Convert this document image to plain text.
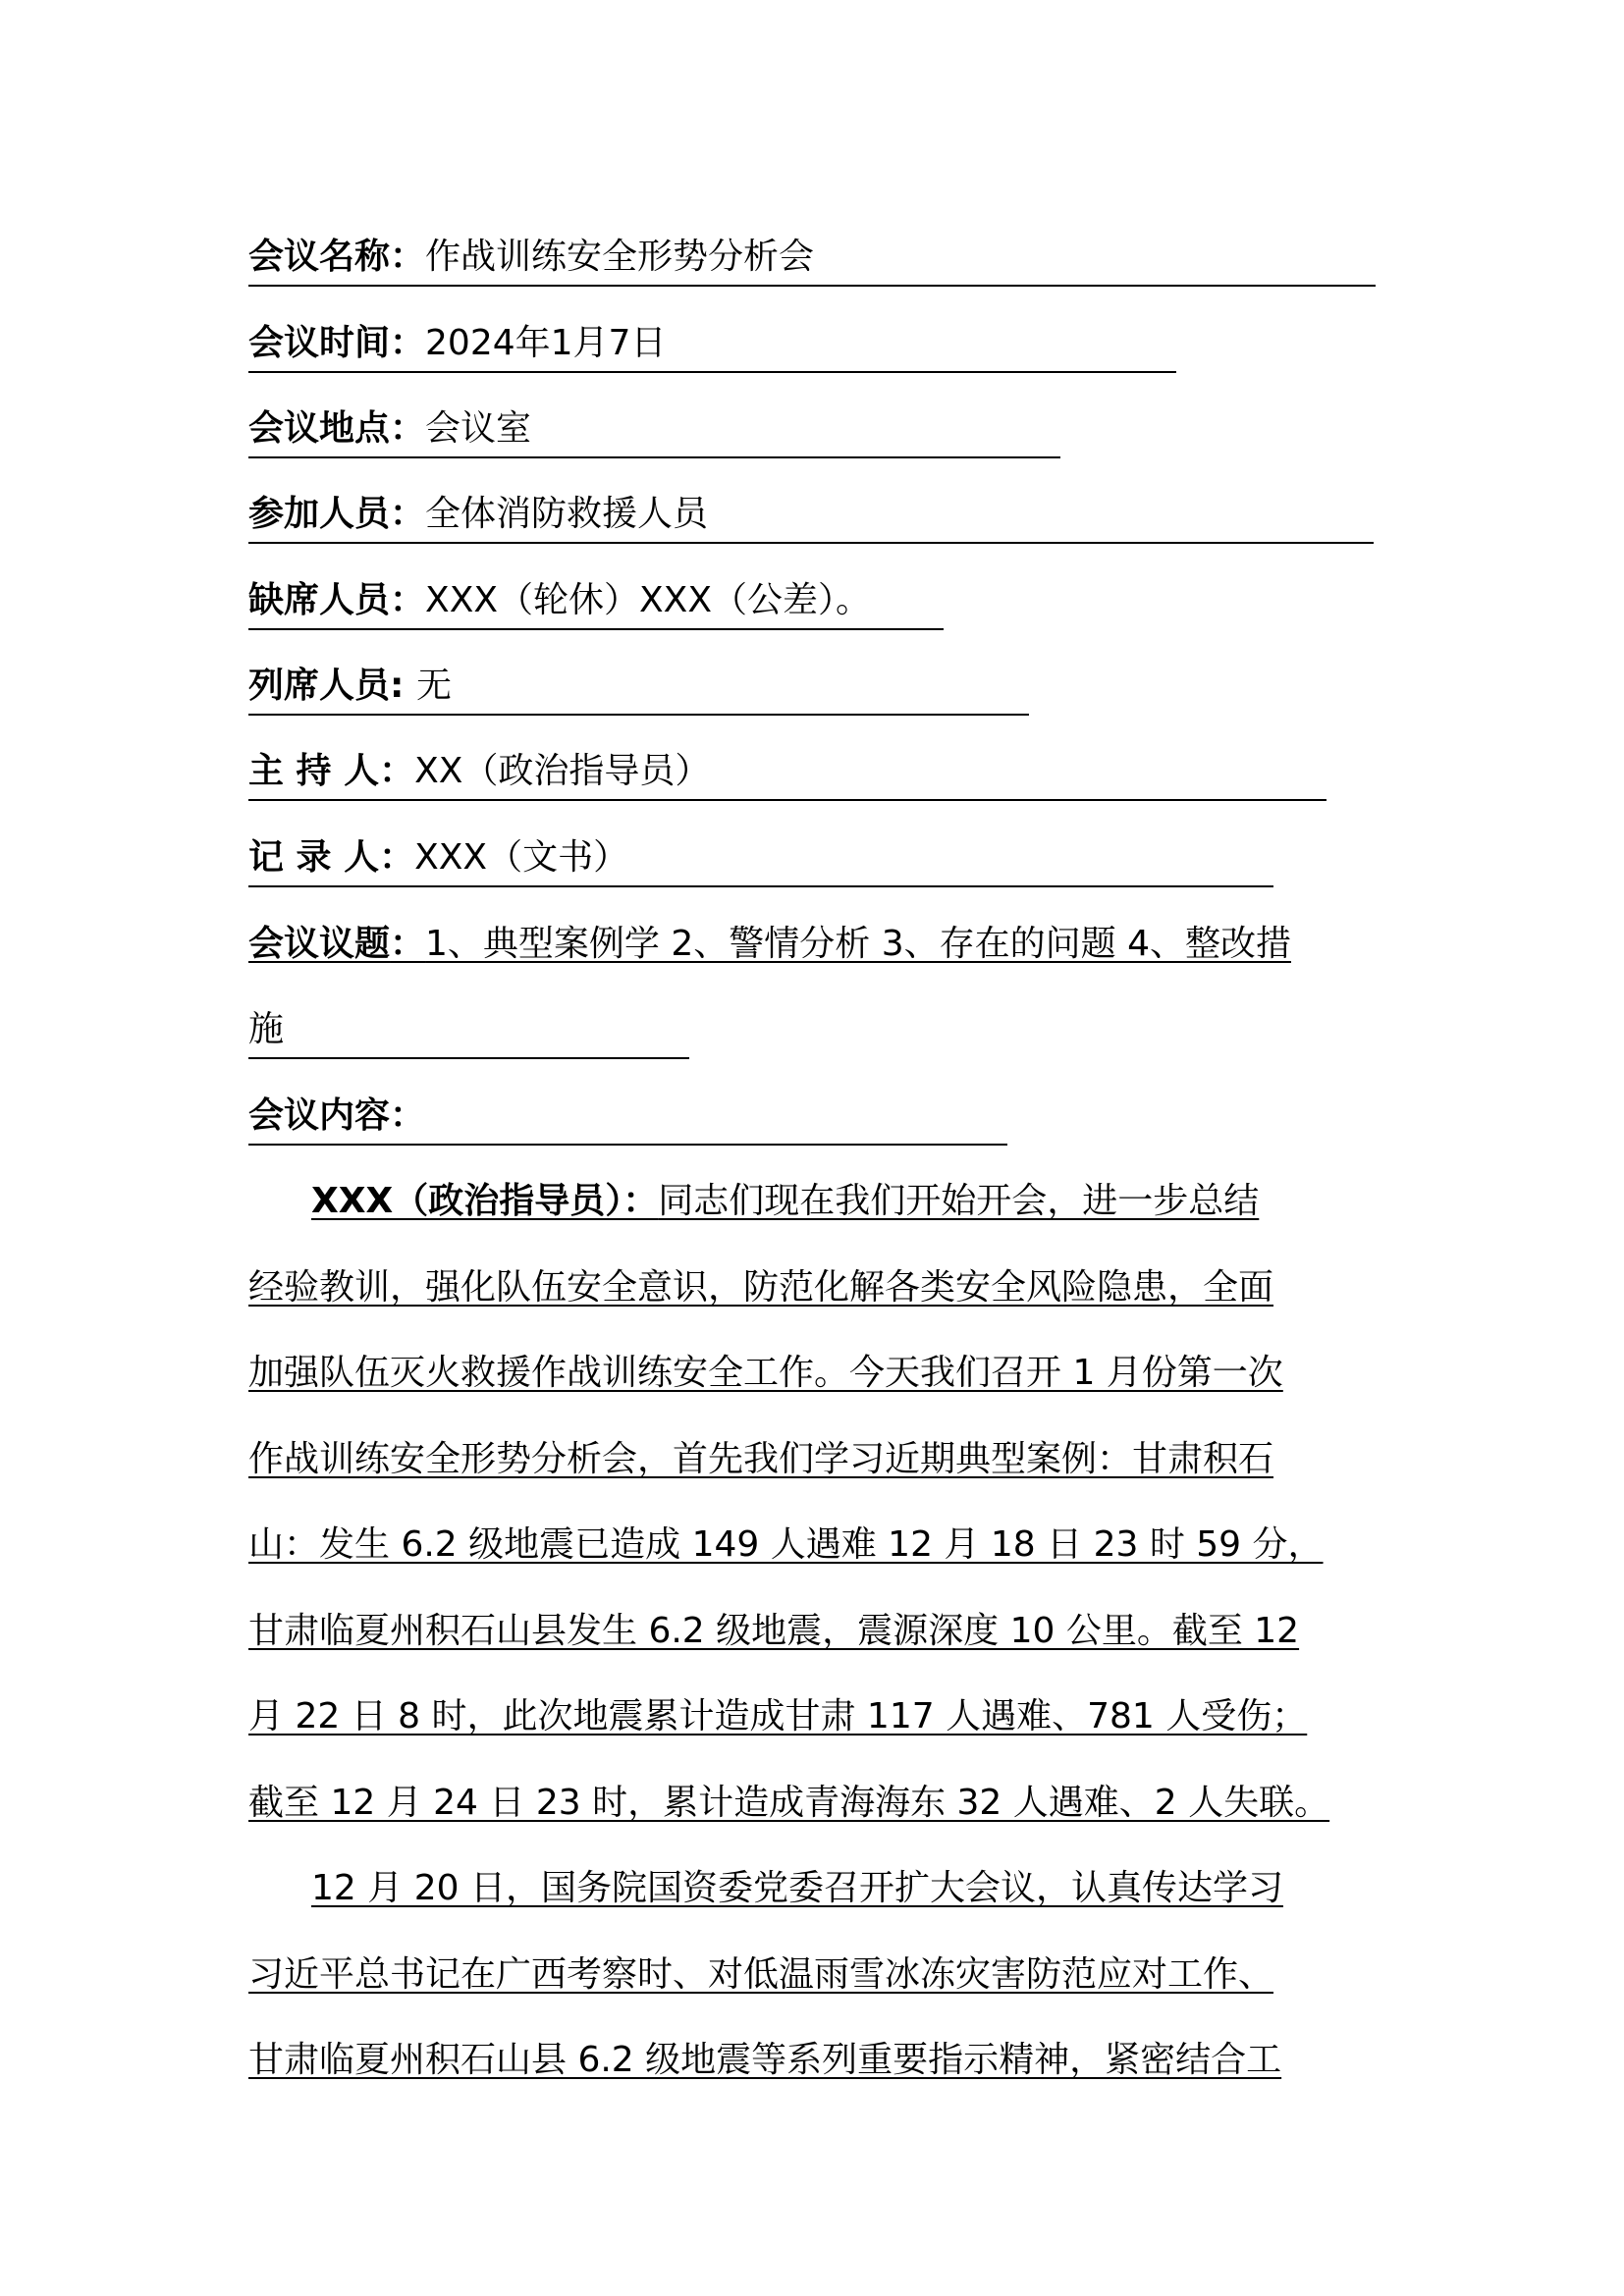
会议名称：作战训练安全形势分析会
会议时间：2024年1月7日
会议地点：会议室
参加人员：全体消防救援人员
缺席人员：XXX（轮休）XXX（公差）。
列席人员: 无
主 持 人：XX（政治指导员）
记 录 人：XXX（文书）
会议议题：1、典型案例学 2、警情分析 3、存在的问题 4、整改措
施
会议内容：
XXX（政治指导员）：同志们现在我们开始开会，进一步总结
经验教训，强化队伍安全意识，防范化解各类安全风险隐患，全面
加强队伍灭火救援作战训练安全工作。今天我们召开 1 月份第一次
作战训练安全形势分析会，首先我们学习近期典型案例：甘肃积石
山：发生 6.2 级地震已造成 149 人遇难 12 月 18 日 23 时 59 分，
甘肃临夏州积石山县发生 6.2 级地震，震源深度 10 公里。截至 12
月 22 日 8 时，此次地震累计造成甘肃 117 人遇难、781 人受伤；
截至 12 月 24 日 23 时，累计造成青海海东 32 人遇难、2 人失联。
12 月 20 日，国务院国资委党委召开扩大会议，认真传达学习
习近平总书记在广西考察时、对低温雨雪冰冻灾害防范应对工作、
甘肃临夏州积石山县 6.2 级地震等系列重要指示精神，紧密结合工
